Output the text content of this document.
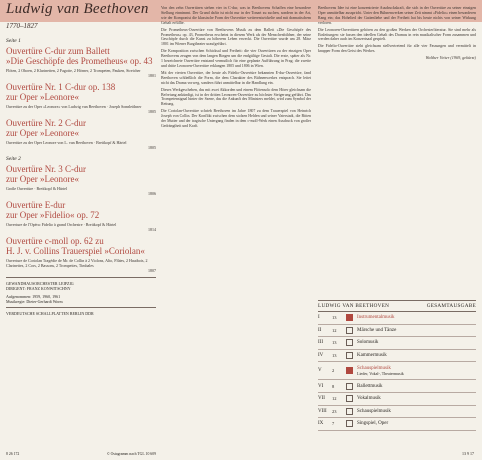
Ludwig van Beethoven
1770–1827
Seite 1
Ouvertüre C-dur zum Ballett
»Die Geschöpfe des Prometheus« op. 43
Flöten, 2 Oboen, 2 Klarinetten, 2 Fagotte, 2 Hörner, 2 Trompeten, Pauken, Streicher
1801
Ouvertüre Nr. 1 C-dur op. 138
zur Oper »Leonore«
Ouvertüre zu der Oper »Leonore« von Ludwig van Beethoven · Joseph Sonnleithner
1805
Ouvertüre Nr. 2 C-dur
zur Oper »Leonore«
Ouvertüre zu der Oper Leonore von L. van Beethoven · Breitkopf & Härtel
1805
Seite 2
Ouvertüre Nr. 3 C-dur
zur Oper »Leonore«
Große Ouvertüre · Breitkopf & Härtel
1806
Ouvertüre E-dur
zur Oper »Fidelio« op. 72
Ouverture de l'Opéra: Fidelio à grand Orchestre · Breitkopf & Härtel
1814
Ouvertüre c-moll op. 62 zu
H. J. v. Collins Trauerspiel »Coriolan«
Ouverture de Coriolan Tragédie de Mr. de Collin à 2 Violons, Alto, Flûtes, 2 Hautbois, 2 Clarinettes, 2 Cors, 2 Bassons, 2 Trompettes, Timbales
1807
GEWANDHAUSORCHESTER LEIPZIG
DIRIGENT: FRANZ KONWITSCHNY
Aufgenommen: 1959, 1960, 1961
Musikregie: Dieter-Gerhardt Worm
VERDEUTSCHE SCHALLPLATTEN BERLIN DDR
8 26 172	© Ostagramm nach TGL 10 609

Von den zehn Ouvertüren stehen vier in C-dur, was in Beethovens Schaffen eine besondere Stellung einnimmt. Der Grund dafür ist nicht nur in der Tonart zu suchen, sondern in der Art, wie der Komponist die klassische Form der Ouvertüre weiterentwickelte und mit dramatischem Gehalt erfüllte.

Die Prometheus-Ouvertüre von Beethovens Musik zu dem Ballett »Die Geschöpfe des Prometheus« op. 43, Prometheus erscheint in diesem Werk als der Menschenbildner, der seine Geschöpfe durch die Kunst zu höherem Leben erweckt. Die Ouvertüre wurde am 28. März 1801 im Wiener Burgtheater uraufgeführt.

Die Komposition zwischen Schicksal und Freiheit: die vier Ouvertüren zu der einzigen Oper Beethovens zeugen von dem langen Ringen um die endgültige Gestalt. Die erste, später als Nr. 1 bezeichnete Ouvertüre entstand vermutlich für eine geplante Aufführung in Prag; die zweite und dritte Leonoren-Ouvertüre erklangen 1805 und 1806 in Wien.

Mit der vierten Ouvertüre, der heute als Fidelio-Ouvertüre bekannten E-dur-Ouvertüre, fand Beethoven schließlich die Form, die dem Charakter des Bühnenwerkes entsprach. Sie leitet nicht das Drama vorweg, sondern führt unmittelbar in die Handlung ein.

Dieses Werkgeschehen, das mit zwei Akkorden und einem Flötensolo dem Hörer gleichsam die Befreiung ankündigt, ist in der dritten Leonoren-Ouvertüre zu höchster Steigerung geführt. Das Trompetensignal hinter der Szene, das die Ankunft des Ministers meldet, wird zum Symbol der Rettung.

Die Coriolan-Ouvertüre schrieb Beethoven im Jahre 1807 zu dem Trauerspiel von Heinrich Joseph von Collin. Der Konflikt zwischen dem stolzen Helden und seiner Vaterstadt, die Bitten der Mutter und der tragische Untergang finden in dem c-moll-Werk einen Ausdruck von großer Gedrängtheit und Kraft.

Beethovens Idee ist eine konzentrierte Ausdruckskraft, die sich in der Ouvertüre zu seiner einzigen Oper unmittelbar ausspricht. Unter den Bühnenwerken seiner Zeit nimmt »Fidelio« einen besonderen Rang ein; das Hohelied der Gattenliebe und der Freiheit hat bis heute nichts von seiner Wirkung verloren.

Die Leonoren-Ouvertüren gehören zu den großen Werken der Orchesterliteratur. Sie sind mehr als Einleitungen: sie fassen den ideellen Gehalt des Dramas in rein musikalischer Form zusammen und werden daher auch im Konzertsaal gespielt.

Die Fidelio-Ouvertüre steht gleichsam stellvertretend für alle vier Fassungen und vermittelt in knapper Form den Geist des Werkes.

Walther Vetter (1969, gekürzt)
LUDWIG VAN BEETHOVEN	GESAMTAUSGABE
I	13	Instrumentalmusik
II	12	Märsche und Tänze
III	13	Solomusik
IV	13	Kammermusik
V	2	Schauspielmusik
Lieder, Vokal-, Theatermusik
VI	8	Ballettmusik
VII	12	Vokalmusik
VIII	23	Schauspielmusik
IX	7	Singspiel, Oper
13 9 17
